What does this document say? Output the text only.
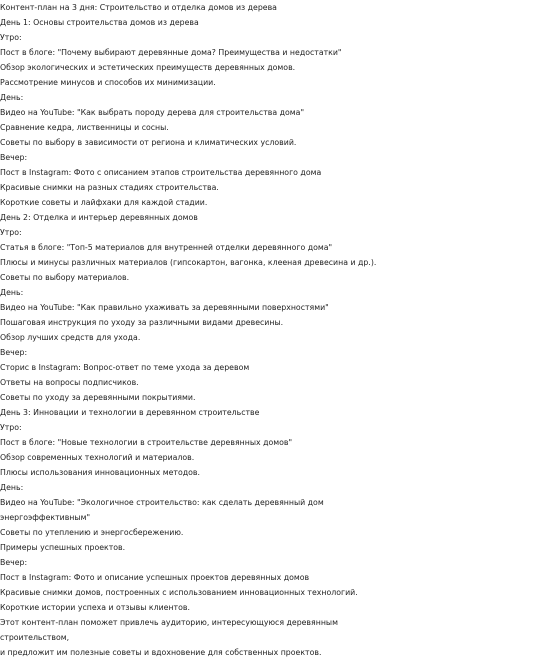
Контент-план на 3 дня: Строительство и отделка домов из дерева

День 1: Основы строительства домов из дерева

Утро:

Пост в блоге: "Почему выбирают деревянные дома? Преимущества и недостатки"

Обзор экологических и эстетических преимуществ деревянных домов.

Рассмотрение минусов и способов их минимизации.

День:

Видео на YouTube: "Как выбрать породу дерева для строительства дома"

Сравнение кедра, лиственницы и сосны.

Советы по выбору в зависимости от региона и климатических условий.

Вечер:

Пост в Instagram: Фото с описанием этапов строительства деревянного дома

Красивые снимки на разных стадиях строительства.

Короткие советы и лайфхаки для каждой стадии.

День 2: Отделка и интерьер деревянных домов

Утро:

Статья в блоге: "Топ-5 материалов для внутренней отделки деревянного дома"

Плюсы и минусы различных материалов (гипсокартон, вагонка, клееная древесина и др.).

Советы по выбору материалов.

День:

Видео на YouTube: "Как правильно ухаживать за деревянными поверхностями"

Пошаговая инструкция по уходу за различными видами древесины.

Обзор лучших средств для ухода.

Вечер:

Сторис в Instagram: Вопрос-ответ по теме ухода за деревом

Ответы на вопросы подписчиков.

Советы по уходу за деревянными покрытиями.

День 3: Инновации и технологии в деревянном строительстве

Утро:

Пост в блоге: "Новые технологии в строительстве деревянных домов"

Обзор современных технологий и материалов.

Плюсы использования инновационных методов.

День:

Видео на YouTube: "Экологичное строительство: как сделать деревянный дом

энергоэффективным"

Советы по утеплению и энергосбережению.

Примеры успешных проектов.

Вечер:

Пост в Instagram: Фото и описание успешных проектов деревянных домов

Красивые снимки домов, построенных с использованием инновационных технологий.

Короткие истории успеха и отзывы клиентов.

Этот контент-план поможет привлечь аудиторию, интересующуюся деревянным

строительством,

и предложит им полезные советы и вдохновение для собственных проектов.
